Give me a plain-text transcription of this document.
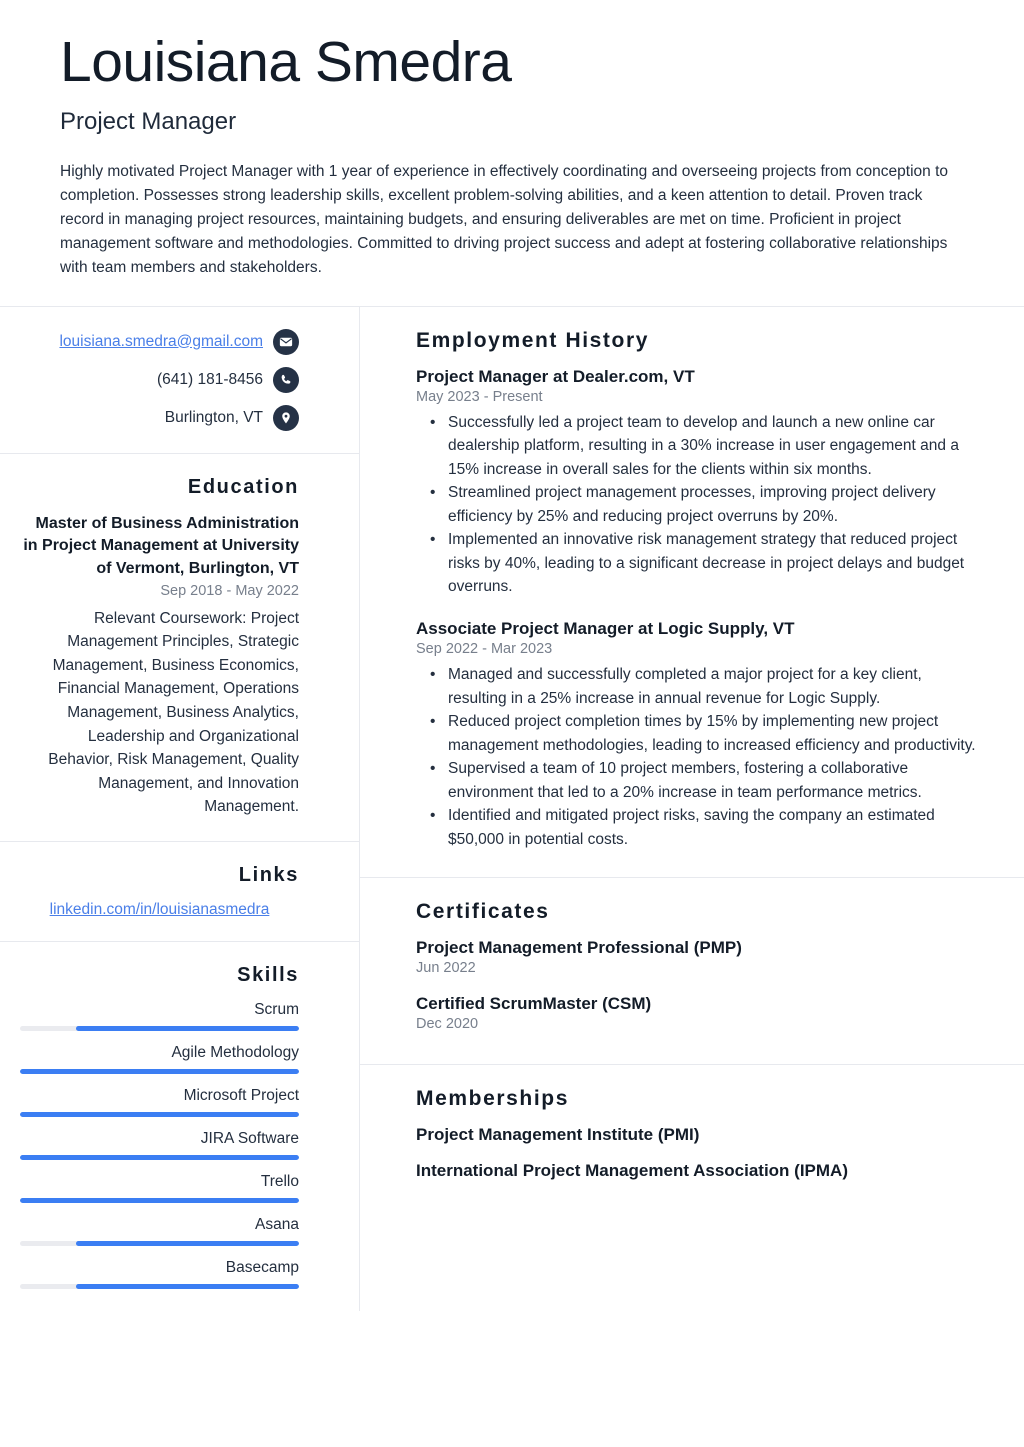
Louisiana Smedra
Project Manager

Highly motivated Project Manager with 1 year of experience in effectively coordinating and overseeing projects from conception to completion. Possesses strong leadership skills, excellent problem-solving abilities, and a keen attention to detail. Proven track record in managing project resources, maintaining budgets, and ensuring deliverables are met on time. Proficient in project management software and methodologies. Committed to driving project success and adept at fostering collaborative relationships with team members and stakeholders.

louisiana.smedra@gmail.com
(641) 181-8456
Burlington, VT
Education
Master of Business Administration in Project Management at University of Vermont, Burlington, VT
Sep 2018 - May 2022
Relevant Coursework: Project Management Principles, Strategic Management, Business Economics, Financial Management, Operations Management, Business Analytics, Leadership and Organizational Behavior, Risk Management, Quality Management, and Innovation Management.
Links
linkedin.com/in/louisianasmedra
Skills
Scrum
Agile Methodology
Microsoft Project
JIRA Software
Trello
Asana
Basecamp
Employment History
Project Manager at Dealer.com, VT
May 2023 - Present
• Successfully led a project team to develop and launch a new online car dealership platform, resulting in a 30% increase in user engagement and a 15% increase in overall sales for the clients within six months.
• Streamlined project management processes, improving project delivery efficiency by 25% and reducing project overruns by 20%.
• Implemented an innovative risk management strategy that reduced project risks by 40%, leading to a significant decrease in project delays and budget overruns.
Associate Project Manager at Logic Supply, VT
Sep 2022 - Mar 2023
• Managed and successfully completed a major project for a key client, resulting in a 25% increase in annual revenue for Logic Supply.
• Reduced project completion times by 15% by implementing new project management methodologies, leading to increased efficiency and productivity.
• Supervised a team of 10 project members, fostering a collaborative environment that led to a 20% increase in team performance metrics.
• Identified and mitigated project risks, saving the company an estimated $50,000 in potential costs.
Certificates
Project Management Professional (PMP)
Jun 2022
Certified ScrumMaster (CSM)
Dec 2020
Memberships
Project Management Institute (PMI)
International Project Management Association (IPMA)
